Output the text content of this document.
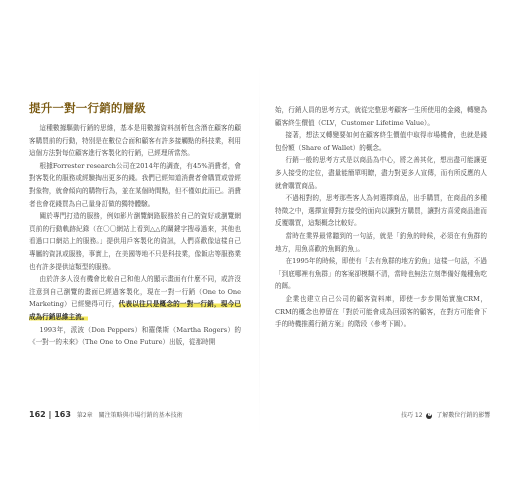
提升一對一行銷的層級

這種數據驅動行銷的思維，基本是用數據資料剖析包含潛在顧客的顧客購買前的行動，特別是在數位合面和顧客有許多接觸點的科技業，利用這個方法對每位顧客進行客製化的行銷，已經理所當然。

根據Forrester research公司在2014年的調查，有45%消費者，會對客製化的服務或經驗掏出更多的錢。我們已經知道消費者會購買或曾經對象物，就會傾向的購物行為，並在某個時間點，但不僅如此而已。消費者也會花錢買為自己量身訂做的獨特體驗。

關於專門打造的服務，例如影片瀏覽網路服務於自己的資好或瀏覽網頁前的行動軌跡紀錄（在〇〇網站上看到△△的關鍵字搜尋過來，其他也看過口口網站上的服務。」提供用戶客製化的資訊，人們喜歡像這樣自己專屬的資訊或服務，事實上，在美國等地不只是科技業，像飯店等服務業也有許多提供這類型的服務。

由於許多人沒有機會比較自己和他人的顯示畫面有什麼不同，或許沒注意到自己瀏覽的畫面已經過客製化，現在一對一行銷（One to One Marketing）已經變得可行，代表以往只是概念的一對一行銷，現今已成為行銷思維主流。

1993年，派波（Don Peppers）和羅傑斯（Martha Rogers）的《一對一的未來》（The One to One Future）出版，從那時開

162 | 163 第2章 關注策略與市場行銷的基本技術

始，行銷人員的思考方式，就從完整思考顧客一生所使用的金錢，轉變為顧客終生價值（CLV，Customer Lifetime Value）。

接著，想法又轉變要如何在顧客終生價值中取得市場機會，也就是錢包份額（Share of Wallet）的概念。

行銷一般的思考方式是以商品為中心，將之善其化，想出盡可能讓更多人接受的定位，盡量能簡單明瞭，盡力對更多人宣傳，而有所反應的人就會購買商品。

不過相對的，思考那些客人為何選擇商品，出手購買，在商品的多種特徵之中，選擇宣傳對方接受的面向以讓對方購買，讓對方喜愛商品進而反覆購買，這類概念比較好。

當時在業界最常聽到的一句話，就是「釣魚的時候，必須在有魚群的地方，用魚喜歡的魚餌釣魚」。

在1995年的時候，即使有「去有魚群的地方釣魚」這樣一句話，不過「到底哪裡有魚群」的客案卻模糊不清，當時也無法立刻準備好幾種魚吃的餌。

企業也建立自己公司的顧客資料庫，即使一步步開始實施CRM，CRM的概念也停留在「對於可能會成為回頭客的顧客，在對方可能會下手的時機推薦行銷方案」的階段（參考下圖）。

技巧 12 ❶ 了解數位行銷的影響
